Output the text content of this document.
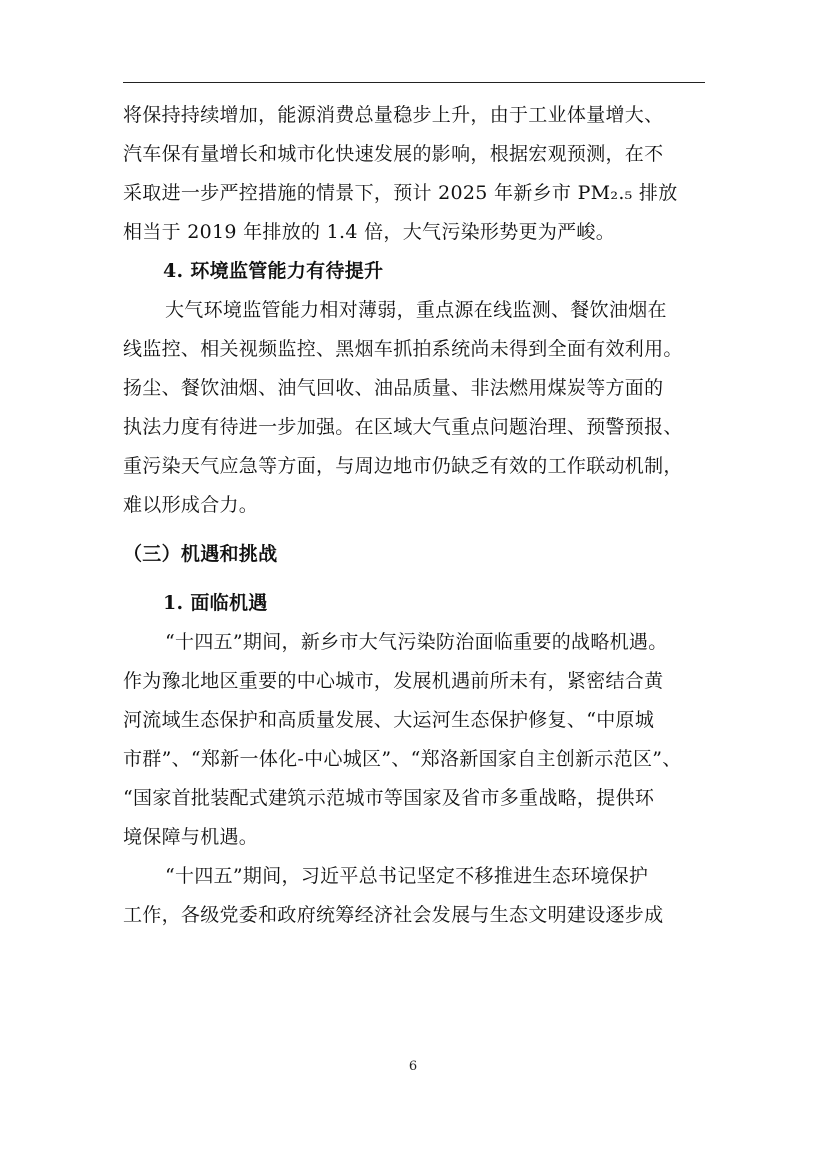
将保持持续增加，能源消费总量稳步上升，由于工业体量增大、
汽车保有量增长和城市化快速发展的影响，根据宏观预测，在不
采取进一步严控措施的情景下，预计 2025 年新乡市 PM₂.₅ 排放
相当于 2019 年排放的 1.4 倍，大气污染形势更为严峻。
4. 环境监管能力有待提升
大气环境监管能力相对薄弱，重点源在线监测、餐饮油烟在
线监控、相关视频监控、黑烟车抓拍系统尚未得到全面有效利用。
扬尘、餐饮油烟、油气回收、油品质量、非法燃用煤炭等方面的
执法力度有待进一步加强。在区域大气重点问题治理、预警预报、
重污染天气应急等方面，与周边地市仍缺乏有效的工作联动机制，
难以形成合力。
（三）机遇和挑战
1. 面临机遇
“十四五”期间，新乡市大气污染防治面临重要的战略机遇。
作为豫北地区重要的中心城市，发展机遇前所未有，紧密结合黄
河流域生态保护和高质量发展、大运河生态保护修复、“中原城
市群”、“郑新一体化-中心城区”、“郑洛新国家自主创新示范区”、
“国家首批装配式建筑示范城市等国家及省市多重战略，提供环
境保障与机遇。
“十四五”期间，习近平总书记坚定不移推进生态环境保护
工作，各级党委和政府统筹经济社会发展与生态文明建设逐步成
6
